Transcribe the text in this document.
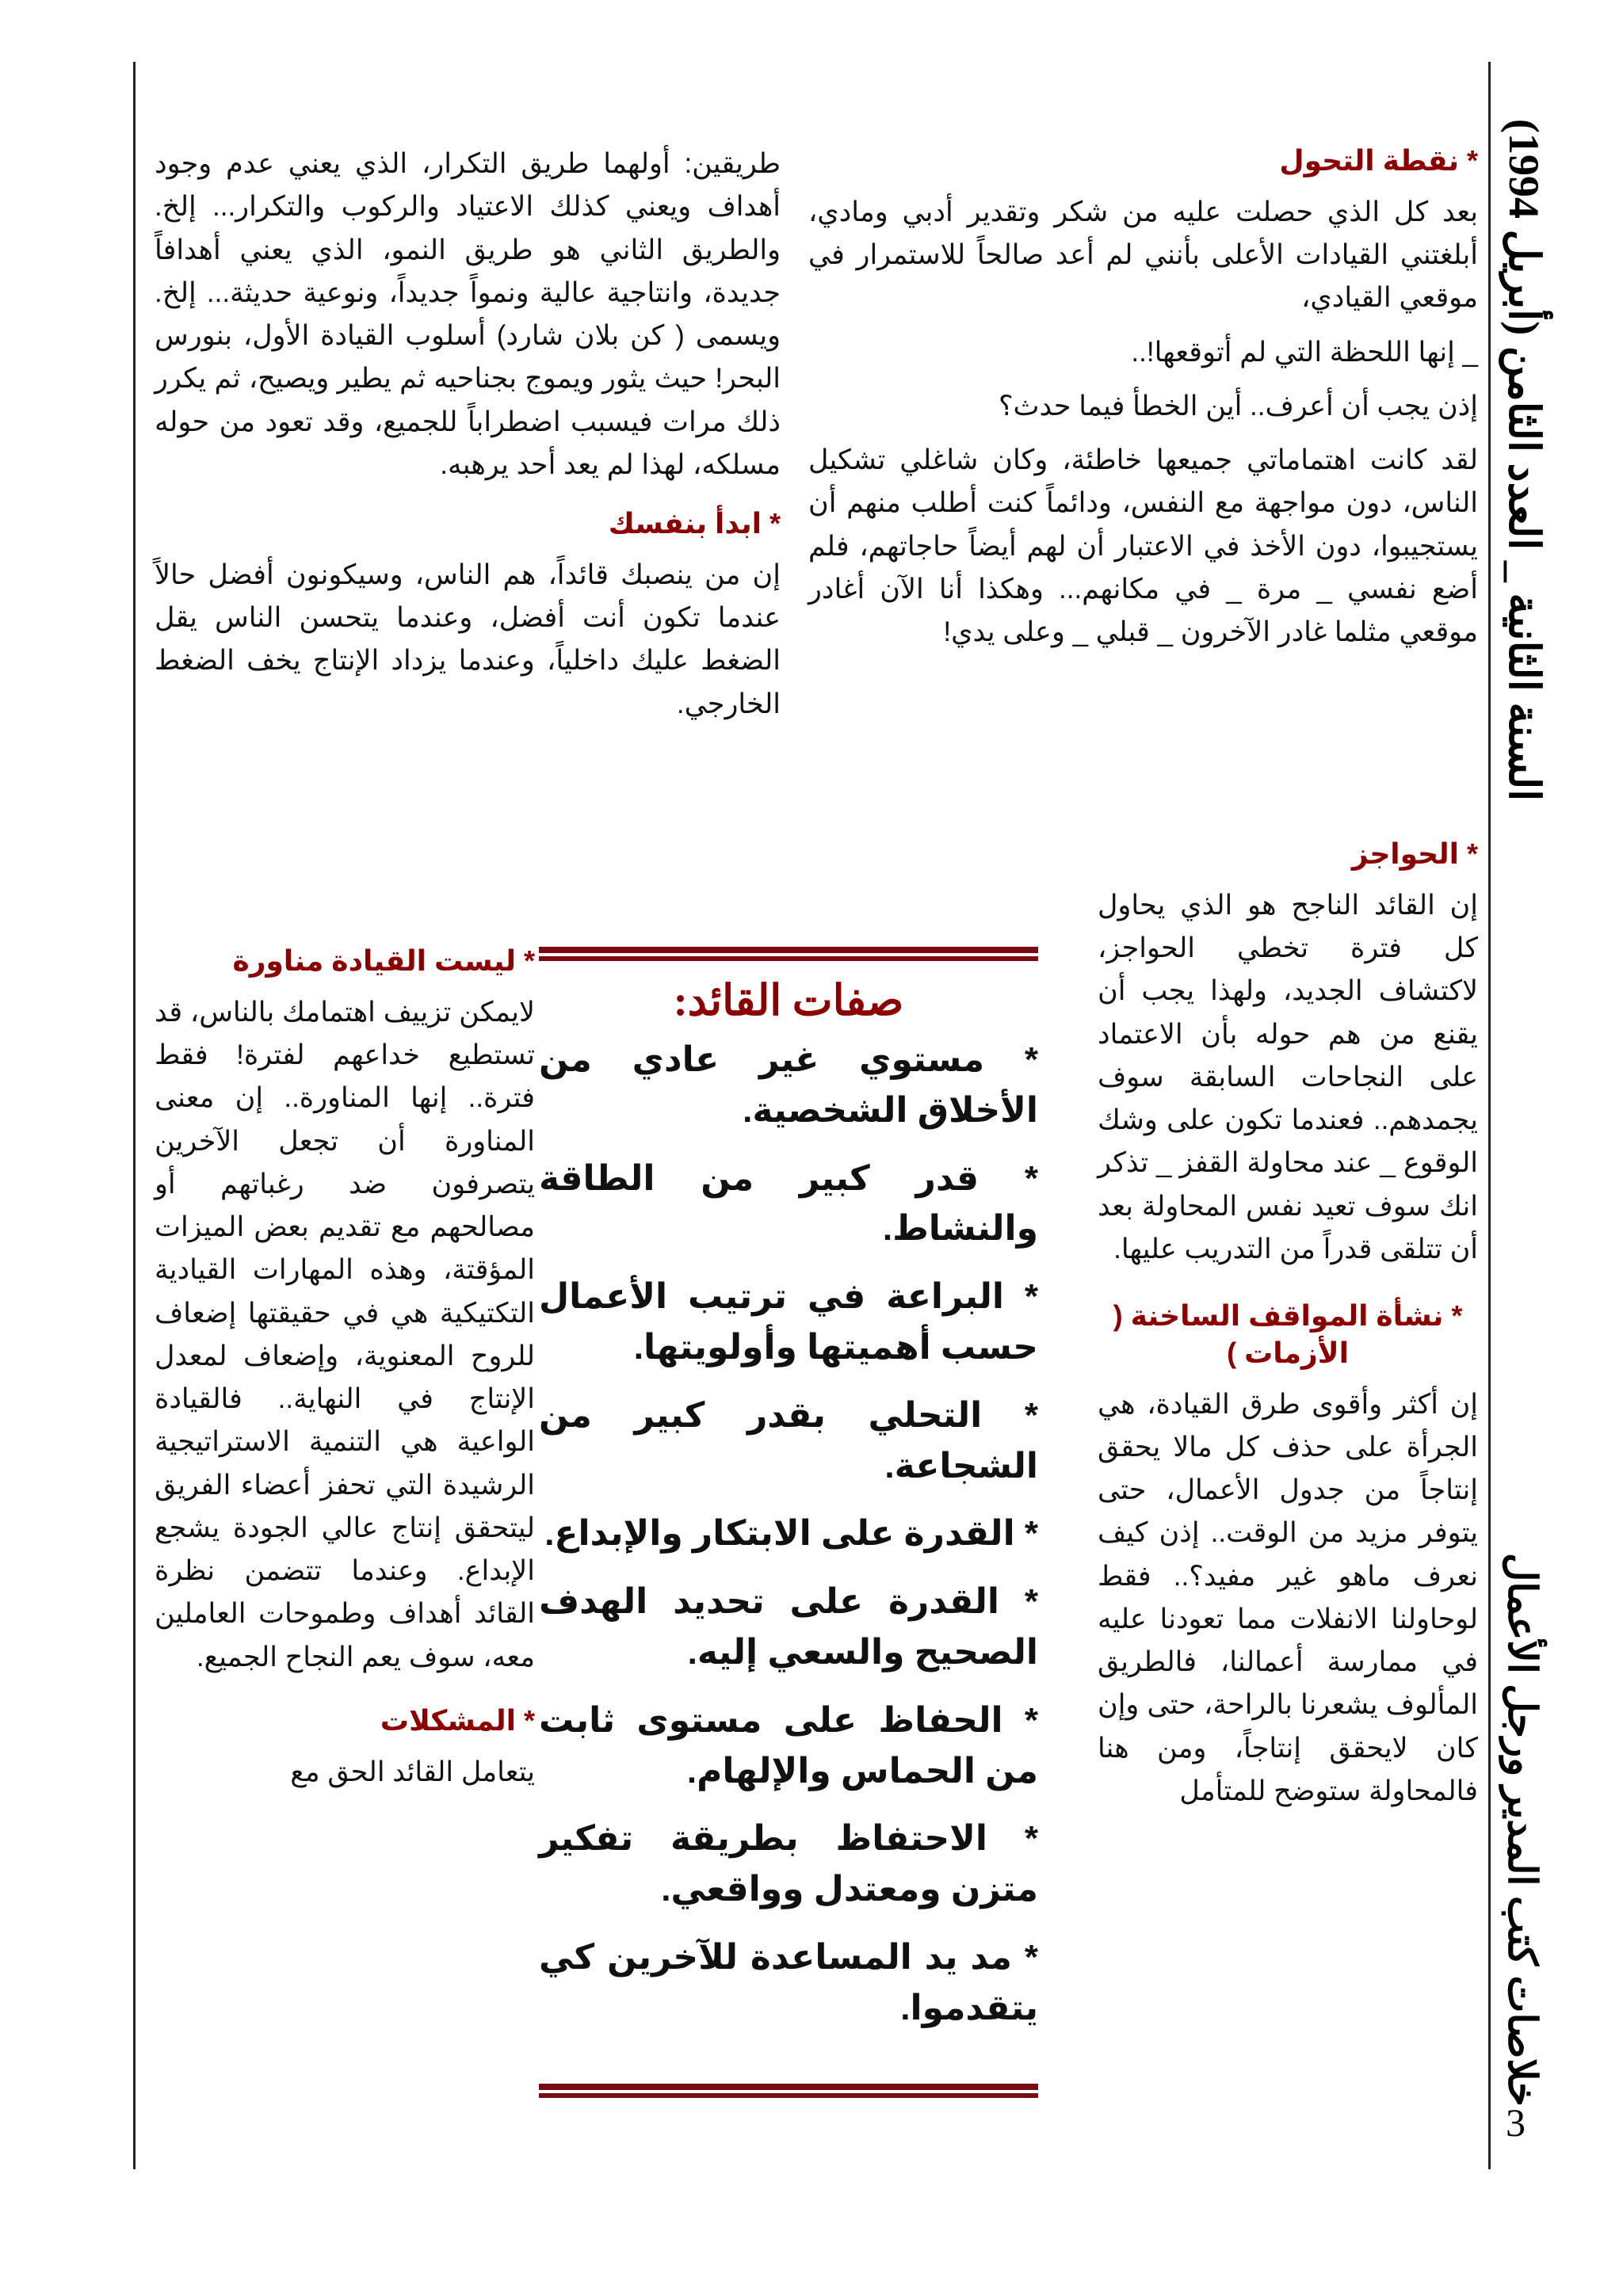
السنة الثانية _ العدد الثامن (أبريل 1994)
خلاصات كتب المدير ورجل الأعمال
3
* نقطة التحول

بعد كل الذي حصلت عليه من شكر وتقدير أدبي ومادي، أبلغتني القيادات الأعلى بأنني لم أعد صالحاً للاستمرار في موقعي القيادي،

_ إنها اللحظة التي لم أتوقعها!..

إذن يجب أن أعرف.. أين الخطأ فيما حدث؟

لقد كانت اهتماماتي جميعها خاطئة، وكان شاغلي تشكيل الناس، دون مواجهة مع النفس، ودائماً كنت أطلب منهم أن يستجيبوا، دون الأخذ في الاعتبار أن لهم أيضاً حاجاتهم، فلم أضع نفسي _ مرة _ في مكانهم... وهكذا أنا الآن أغادر موقعي مثلما غادر الآخرون _ قبلي _ وعلى يدي!

* الحواجز

إن القائد الناجح هو الذي يحاول كل فترة تخطي الحواجز، لاكتشاف الجديد، ولهذا يجب أن يقنع من هم حوله بأن الاعتماد على النجاحات السابقة سوف يجمدهم.. فعندما تكون على وشك الوقوع _ عند محاولة القفز _ تذكر انك سوف تعيد نفس المحاولة بعد أن تتلقى قدراً من التدريب عليها.

* نشأة المواقف الساخنة ( الأزمات )

إن أكثر وأقوى طرق القيادة، هي الجرأة على حذف كل مالا يحقق إنتاجاً من جدول الأعمال، حتى يتوفر مزيد من الوقت.. إذن كيف نعرف ماهو غير مفيد؟.. فقط لوحاولنا الانفلات مما تعودنا عليه في ممارسة أعمالنا، فالطريق المألوف يشعرنا بالراحة، حتى وإن كان لايحقق إنتاجاً، ومن هنا فالمحاولة ستوضح للمتأمل

طريقين: أولهما طريق التكرار، الذي يعني عدم وجود أهداف ويعني كذلك الاعتياد والركوب والتكرار... إلخ. والطريق الثاني هو طريق النمو، الذي يعني أهدافاً جديدة، وانتاجية عالية ونمواً جديداً، ونوعية حديثة... إلخ. ويسمى ( كن بلان شارد) أسلوب القيادة الأول، بنورس البحر! حيث يثور ويموج بجناحيه ثم يطير ويصيح، ثم يكرر ذلك مرات فيسبب اضطراباً للجميع، وقد تعود من حوله مسلكه، لهذا لم يعد أحد يرهبه.

* ابدأ بنفسك

إن من ينصبك قائداً، هم الناس، وسيكونون أفضل حالاً عندما تكون أنت أفضل، وعندما يتحسن الناس يقل الضغط عليك داخلياً، وعندما يزداد الإنتاج يخف الضغط الخارجي.

* ليست القيادة مناورة

لايمكن تزييف اهتمامك بالناس، قد تستطيع خداعهم لفترة! فقط فترة.. إنها المناورة.. إن معنى المناورة أن تجعل الآخرين يتصرفون ضد رغباتهم أو مصالحهم مع تقديم بعض الميزات المؤقتة، وهذه المهارات القيادية التكتيكية هي في حقيقتها إضعاف للروح المعنوية، وإضعاف لمعدل الإنتاج في النهاية.. فالقيادة الواعية هي التنمية الاستراتيجية الرشيدة التي تحفز أعضاء الفريق ليتحقق إنتاج عالي الجودة يشجع الإبداع. وعندما تتضمن نظرة القائد أهداف وطموحات العاملين معه، سوف يعم النجاح الجميع.

* المشكلات

يتعامل القائد الحق مع

صفات القائد:
* مستوي غير عادي من الأخلاق الشخصية.
* قدر كبير من الطاقة والنشاط.
* البراعة في ترتيب الأعمال حسب أهميتها وأولويتها.
* التحلي بقدر كبير من الشجاعة.
* القدرة على الابتكار والإبداع.
* القدرة على تحديد الهدف الصحيح والسعي إليه.
* الحفاظ على مستوى ثابت من الحماس والإلهام.
* الاحتفاظ بطريقة تفكير متزن ومعتدل وواقعي.
* مد يد المساعدة للآخرين كي يتقدموا.
